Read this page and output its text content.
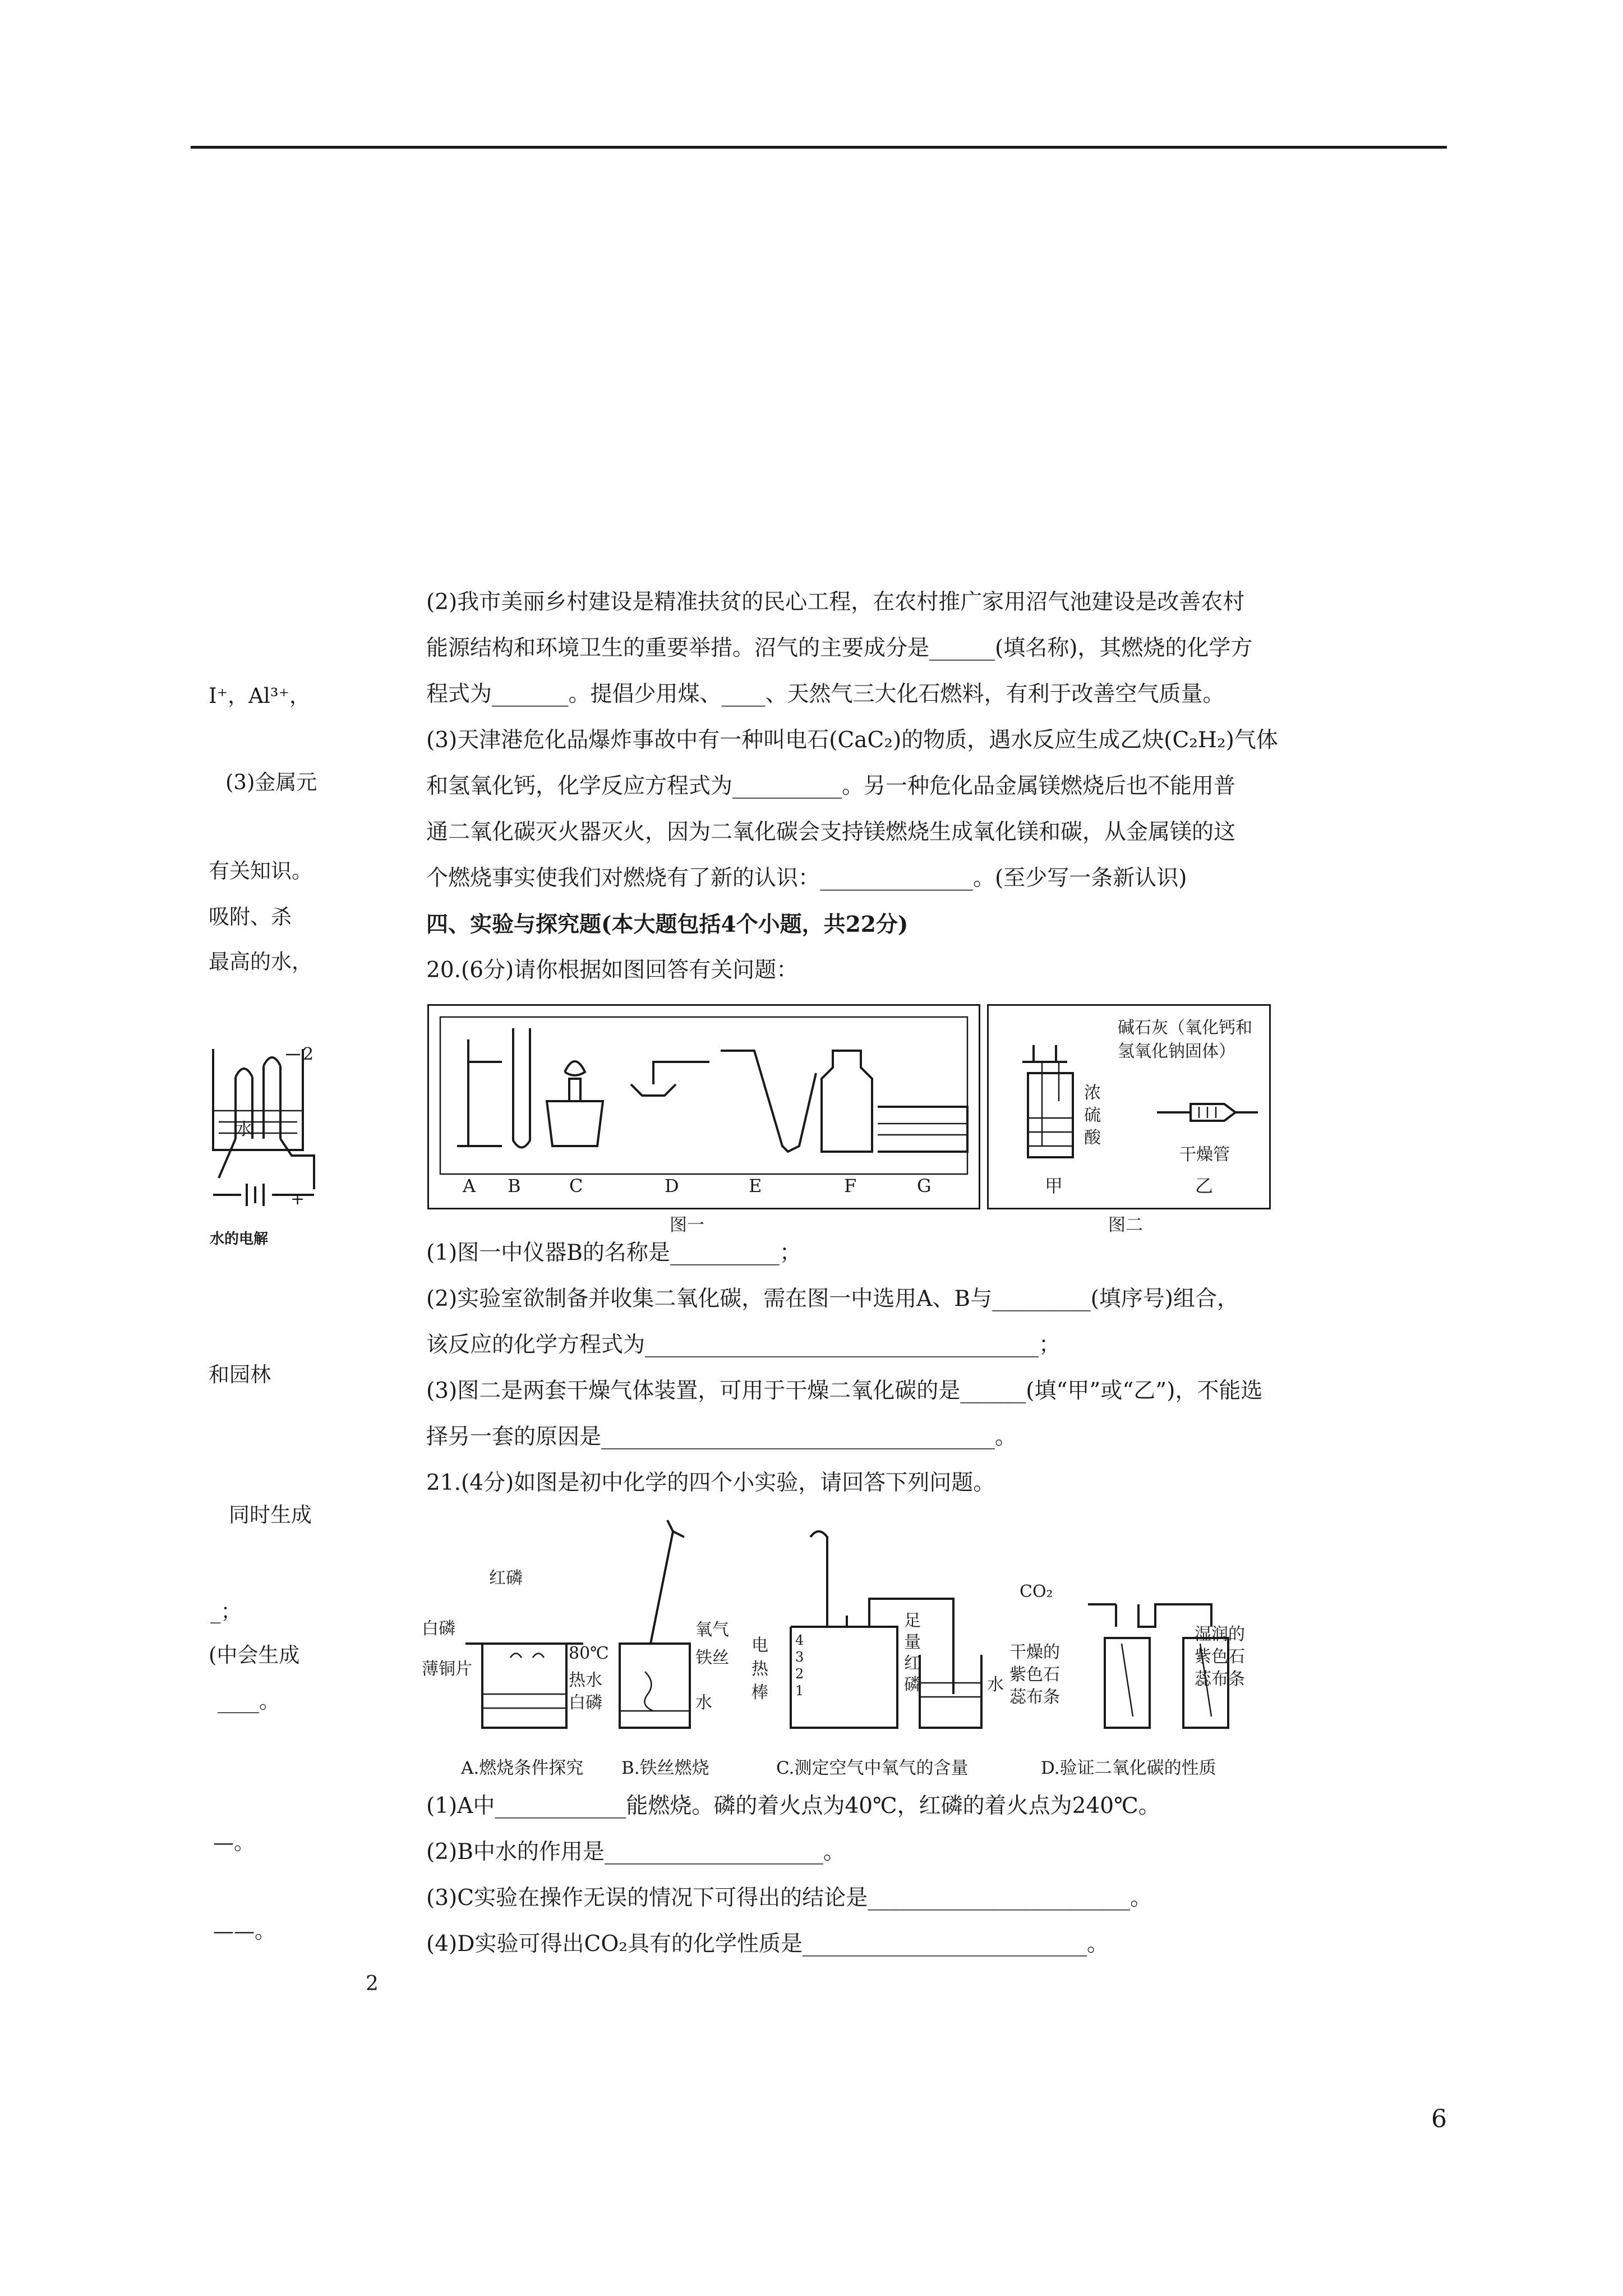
I⁺，Al³⁺，
(3)金属元
有关知识。
吸附、杀
最高的水，
和园林
同时生成
_；
(中会生成
____。
—。
——。
2
水
+
水的电解
(2)我市美丽乡村建设是精准扶贫的民心工程，在农村推广家用沼气池建设是改善农村
能源结构和环境卫生的重要举措。沼气的主要成分是______(填名称)，其燃烧的化学方
程式为_______。提倡少用煤、____、天然气三大化石燃料，有利于改善空气质量。
(3)天津港危化品爆炸事故中有一种叫电石(CaC₂)的物质，遇水反应生成乙炔(C₂H₂)气体
和氢氧化钙，化学反应方程式为__________。另一种危化品金属镁燃烧后也不能用普
通二氧化碳灭火器灭火，因为二氧化碳会支持镁燃烧生成氧化镁和碳，从金属镁的这
个燃烧事实使我们对燃烧有了新的认识：______________。(至少写一条新认识)
四、实验与探究题(本大题包括4个小题，共22分)
20.(6分)请你根据如图回答有关问题：
A B	C	D	E	F	G
图一
碱石灰（氧化钙和
氢氧化钠固体）
浓
硫
酸
干燥管
甲	乙
图二
(1)图一中仪器B的名称是__________；
(2)实验室欲制备并收集二氧化碳，需在图一中选用A、B与_________(填序号)组合，
该反应的化学方程式为____________________________________；
(3)图二是两套干燥气体装置，可用于干燥二氧化碳的是______(填“甲”或“乙”)，不能选
择另一套的原因是____________________________________。
21.(4分)如图是初中化学的四个小实验，请回答下列问题。
红磷
白磷
薄铜片
80℃
热水
白磷
氧气
铁丝
水
电
热
棒
4
3
2
1
足
量
红
磷	水
CO₂
干燥的
紫色石
蕊布条
湿润的
紫色石
蕊布条
A.燃烧条件探究 B.铁丝燃烧	C.测定空气中氧气的含量	D.验证二氧化碳的性质
(1)A中____________能燃烧。磷的着火点为40℃，红磷的着火点为240℃。
(2)B中水的作用是____________________。
(3)C实验在操作无误的情况下可得出的结论是________________________。
(4)D实验可得出CO₂具有的化学性质是__________________________。
2
6
